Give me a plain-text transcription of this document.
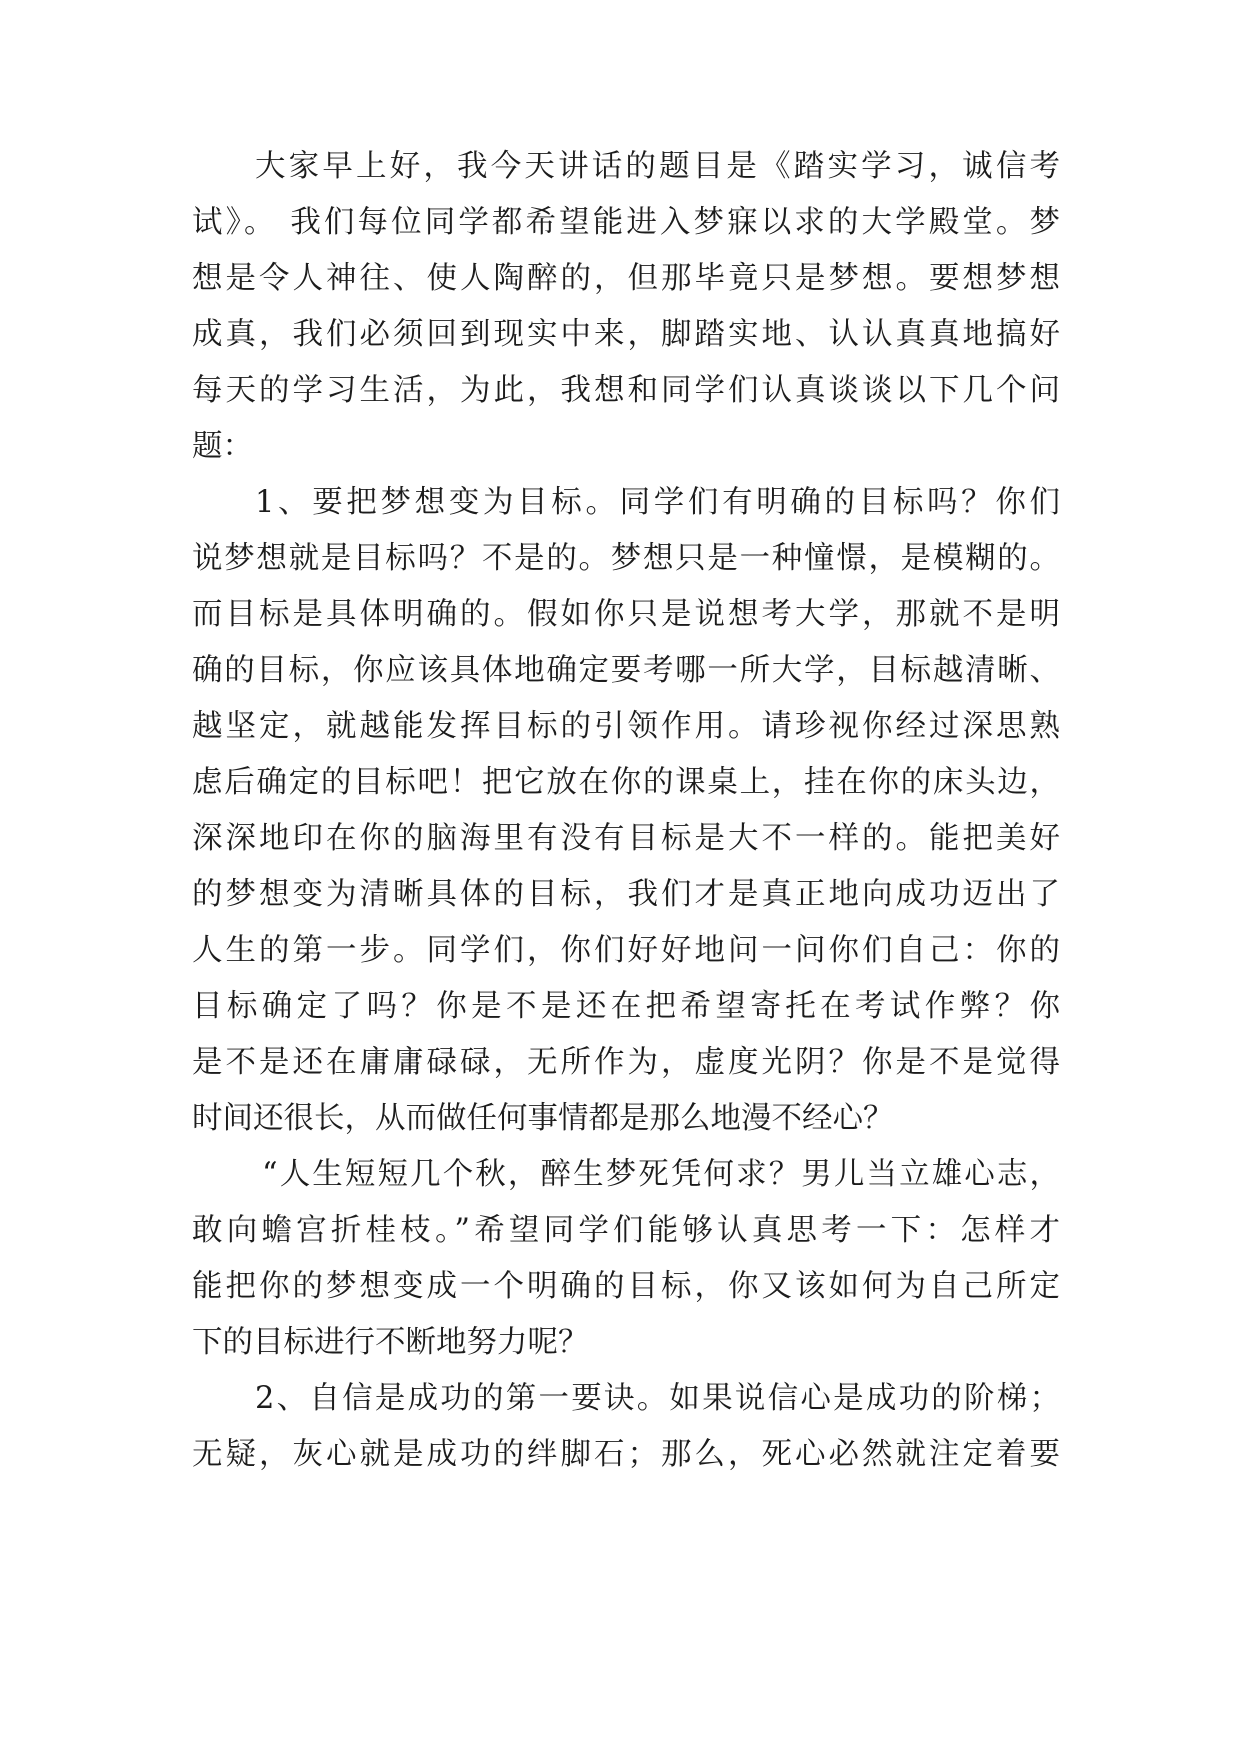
大家早上好，我今天讲话的题目是《踏实学习，诚信考
试》。 我们每位同学都希望能进入梦寐以求的大学殿堂。梦
想是令人神往、使人陶醉的，但那毕竟只是梦想。要想梦想
成真，我们必须回到现实中来，脚踏实地、认认真真地搞好
每天的学习生活，为此，我想和同学们认真谈谈以下几个问
题：
1、要把梦想变为目标。同学们有明确的目标吗？你们
说梦想就是目标吗？不是的。梦想只是一种憧憬，是模糊的。
而目标是具体明确的。假如你只是说想考大学，那就不是明
确的目标，你应该具体地确定要考哪一所大学，目标越清晰、
越坚定，就越能发挥目标的引领作用。请珍视你经过深思熟
虑后确定的目标吧！把它放在你的课桌上，挂在你的床头边，
深深地印在你的脑海里有没有目标是大不一样的。能把美好
的梦想变为清晰具体的目标，我们才是真正地向成功迈出了
人生的第一步。同学们，你们好好地问一问你们自己：你的
目标确定了吗？你是不是还在把希望寄托在考试作弊？你
是不是还在庸庸碌碌，无所作为，虚度光阴？你是不是觉得
时间还很长，从而做任何事情都是那么地漫不经心？
“人生短短几个秋，醉生梦死凭何求？男儿当立雄心志，
敢向蟾宫折桂枝。”希望同学们能够认真思考一下：怎样才
能把你的梦想变成一个明确的目标，你又该如何为自己所定
下的目标进行不断地努力呢？
2、自信是成功的第一要诀。如果说信心是成功的阶梯；
无疑，灰心就是成功的绊脚石；那么，死心必然就注定着要
